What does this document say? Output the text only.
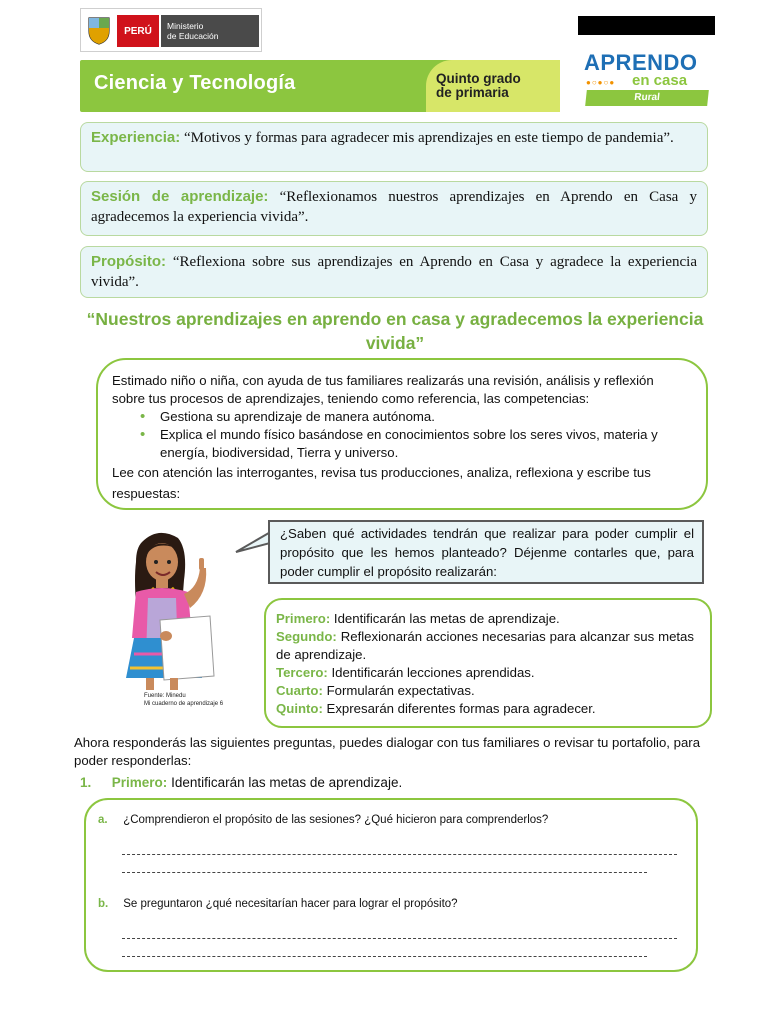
PERÚ	Ministerio
de Educación
Ciencia y Tecnología	Quinto grado
de primaria
APRENDO
●○●○● en casa
Rural
Experiencia: “Motivos y formas para agradecer mis aprendizajes en este tiempo de pandemia”.
Sesión de aprendizaje: “Reflexionamos nuestros aprendizajes en Aprendo en Casa y agradecemos la experiencia vivida”.
Propósito: “Reflexiona sobre sus aprendizajes en Aprendo en Casa y agradece la experiencia vivida”.
“Nuestros aprendizajes en aprendo en casa y agradecemos la experiencia vivida”

Estimado niño o niña, con ayuda de tus familiares realizarás una revisión, análisis y reflexión sobre tus procesos de aprendizajes, teniendo como referencia, las competencias:

• Gestiona su aprendizaje de manera autónoma.
• Explica el mundo físico basándose en conocimientos sobre los seres vivos, materia y energía, biodiversidad, Tierra y universo.

Lee con atención las interrogantes, revisa tus producciones, analiza, reflexiona y escribe tus respuestas:

Fuente: Minedu
Mi cuaderno de aprendizaje 6
¿Saben qué actividades tendrán que realizar para poder cumplir el propósito que les hemos planteado? Déjenme contarles que, para poder cumplir el propósito realizarán:
Primero: Identificarán las metas de aprendizaje.
Segundo: Reflexionarán acciones necesarias para alcanzar sus metas de aprendizaje.
Tercero: Identificarán lecciones aprendidas.
Cuarto: Formularán expectativas.
Quinto: Expresarán diferentes formas para agradecer.
Ahora responderás las siguientes preguntas, puedes dialogar con tus familiares o revisar tu portafolio, para poder responderlas:
1. Primero: Identificarán las metas de aprendizaje.
a. ¿Comprendieron el propósito de las sesiones? ¿Qué hicieron para comprenderlos?
b. Se preguntaron ¿qué necesitarían hacer para lograr el propósito?
